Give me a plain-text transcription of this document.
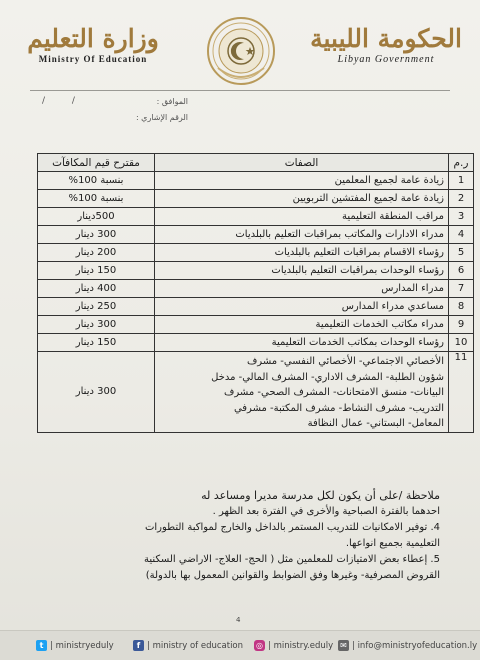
الحكومة الليبية
Libyan Government
وزارة التعليم
Ministry Of Education
/ /	الموافق :
الرقم الإشاري :
ر.م	الصفات	مقترح قيم المكافآت
1	زيادة عامة لجميع المعلمين	بنسبة 100%
2	زيادة عامة لجميع المفتشين التربويين	بنسبة 100%
3	مراقب المنطقة التعليمية	500دينار
4	مدراء الادارات والمكاتب بمراقبات التعليم بالبلديات	300 دينار
5	رؤساء الاقسام بمراقبات التعليم بالبلديات	200 دينار
6	رؤساء الوحدات بمراقبات التعليم بالبلديات	150 دينار
7	مدراء المدارس	400 دينار
8	مساعدي مدراء المدارس	250 دينار
9	مدراء مكاتب الخدمات التعليمية	300 دينار
10	رؤساء الوحدات بمكاتب الخدمات التعليمية	150 دينار
11	الأخصائي الاجتماعي- الأخصائي النفسي- مشرف
شؤون الطلبة- المشرف الاداري- المشرف المالي- مدخل
البيانات- منسق الامتحانات- المشرف الصحي- مشرف
التدريب- مشرف النشاط- مشرف المكتبة- مشرفي
المعامل- البستاني- عمال النظافة	300 دينار

ملاحظة /على أن يكون لكل مدرسة مديرا ومساعد له

احدهما بالفترة الصباحية والأخرى في الفترة بعد الظهر .

4. توفير الامكانيات للتدريب المستمر بالداخل والخارج لمواكبة التطورات

التعليمية بجميع انواعها.

5. إعطاء بعض الامتيازات للمعلمين مثل ( الحج- العلاج- الاراضي السكنية

القروض المصرفية- وغيرها وفق الضوابط والقوانين المعمول بها بالدولة)

4
t | ministryeduly	f | ministry of education ◎ | ministry.eduly ✉ | info@ministryofeducation.ly
